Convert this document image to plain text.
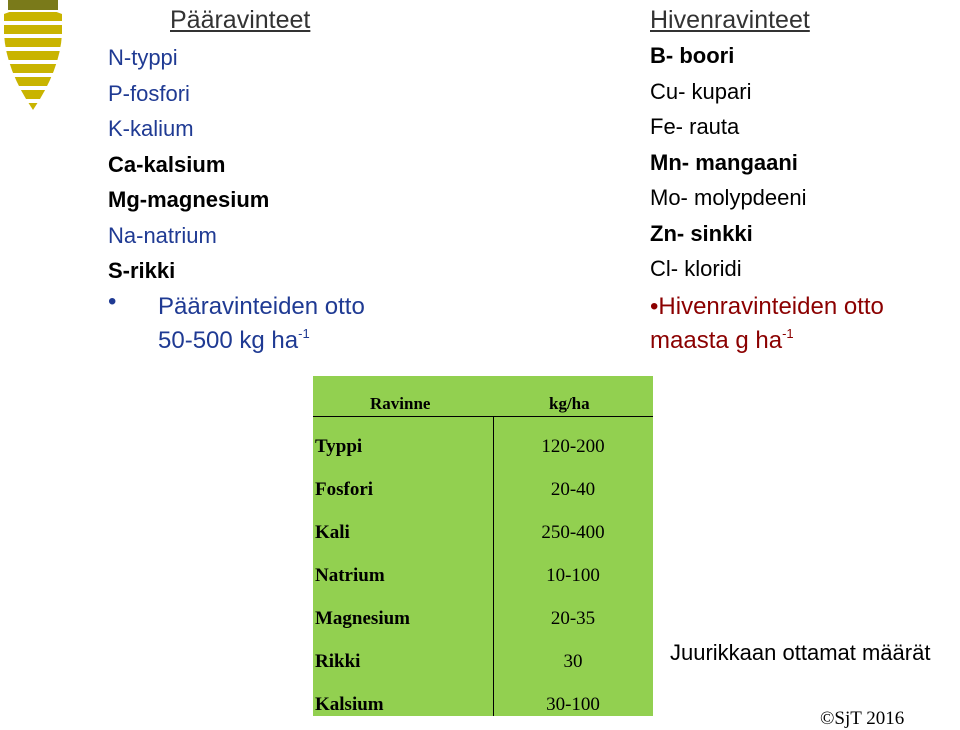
Pääravinteet
N-typpi
P-fosfori
K-kalium
Ca-kalsium
Mg-magnesium
Na-natrium
S-rikki
• Pääravinteiden otto
50-500 kg $ha^{-1}$
Hivenravinteet
B- boori
Cu- kupari
Fe- rauta
Mn- mangaani
Mo- molypdeeni
Zn- sinkki
Cl- kloridi
•Hivenravinteiden otto
maasta g $ha^{-1}$
Ravinne	kg/ha
Typpi	120-200
Fosfori	20-40
Kali	250-400
Natrium	10-100
Magnesium	20-35
Rikki	30
Kalsium	30-100
Juurikkaan ottamat määrät
©SjT 2016
